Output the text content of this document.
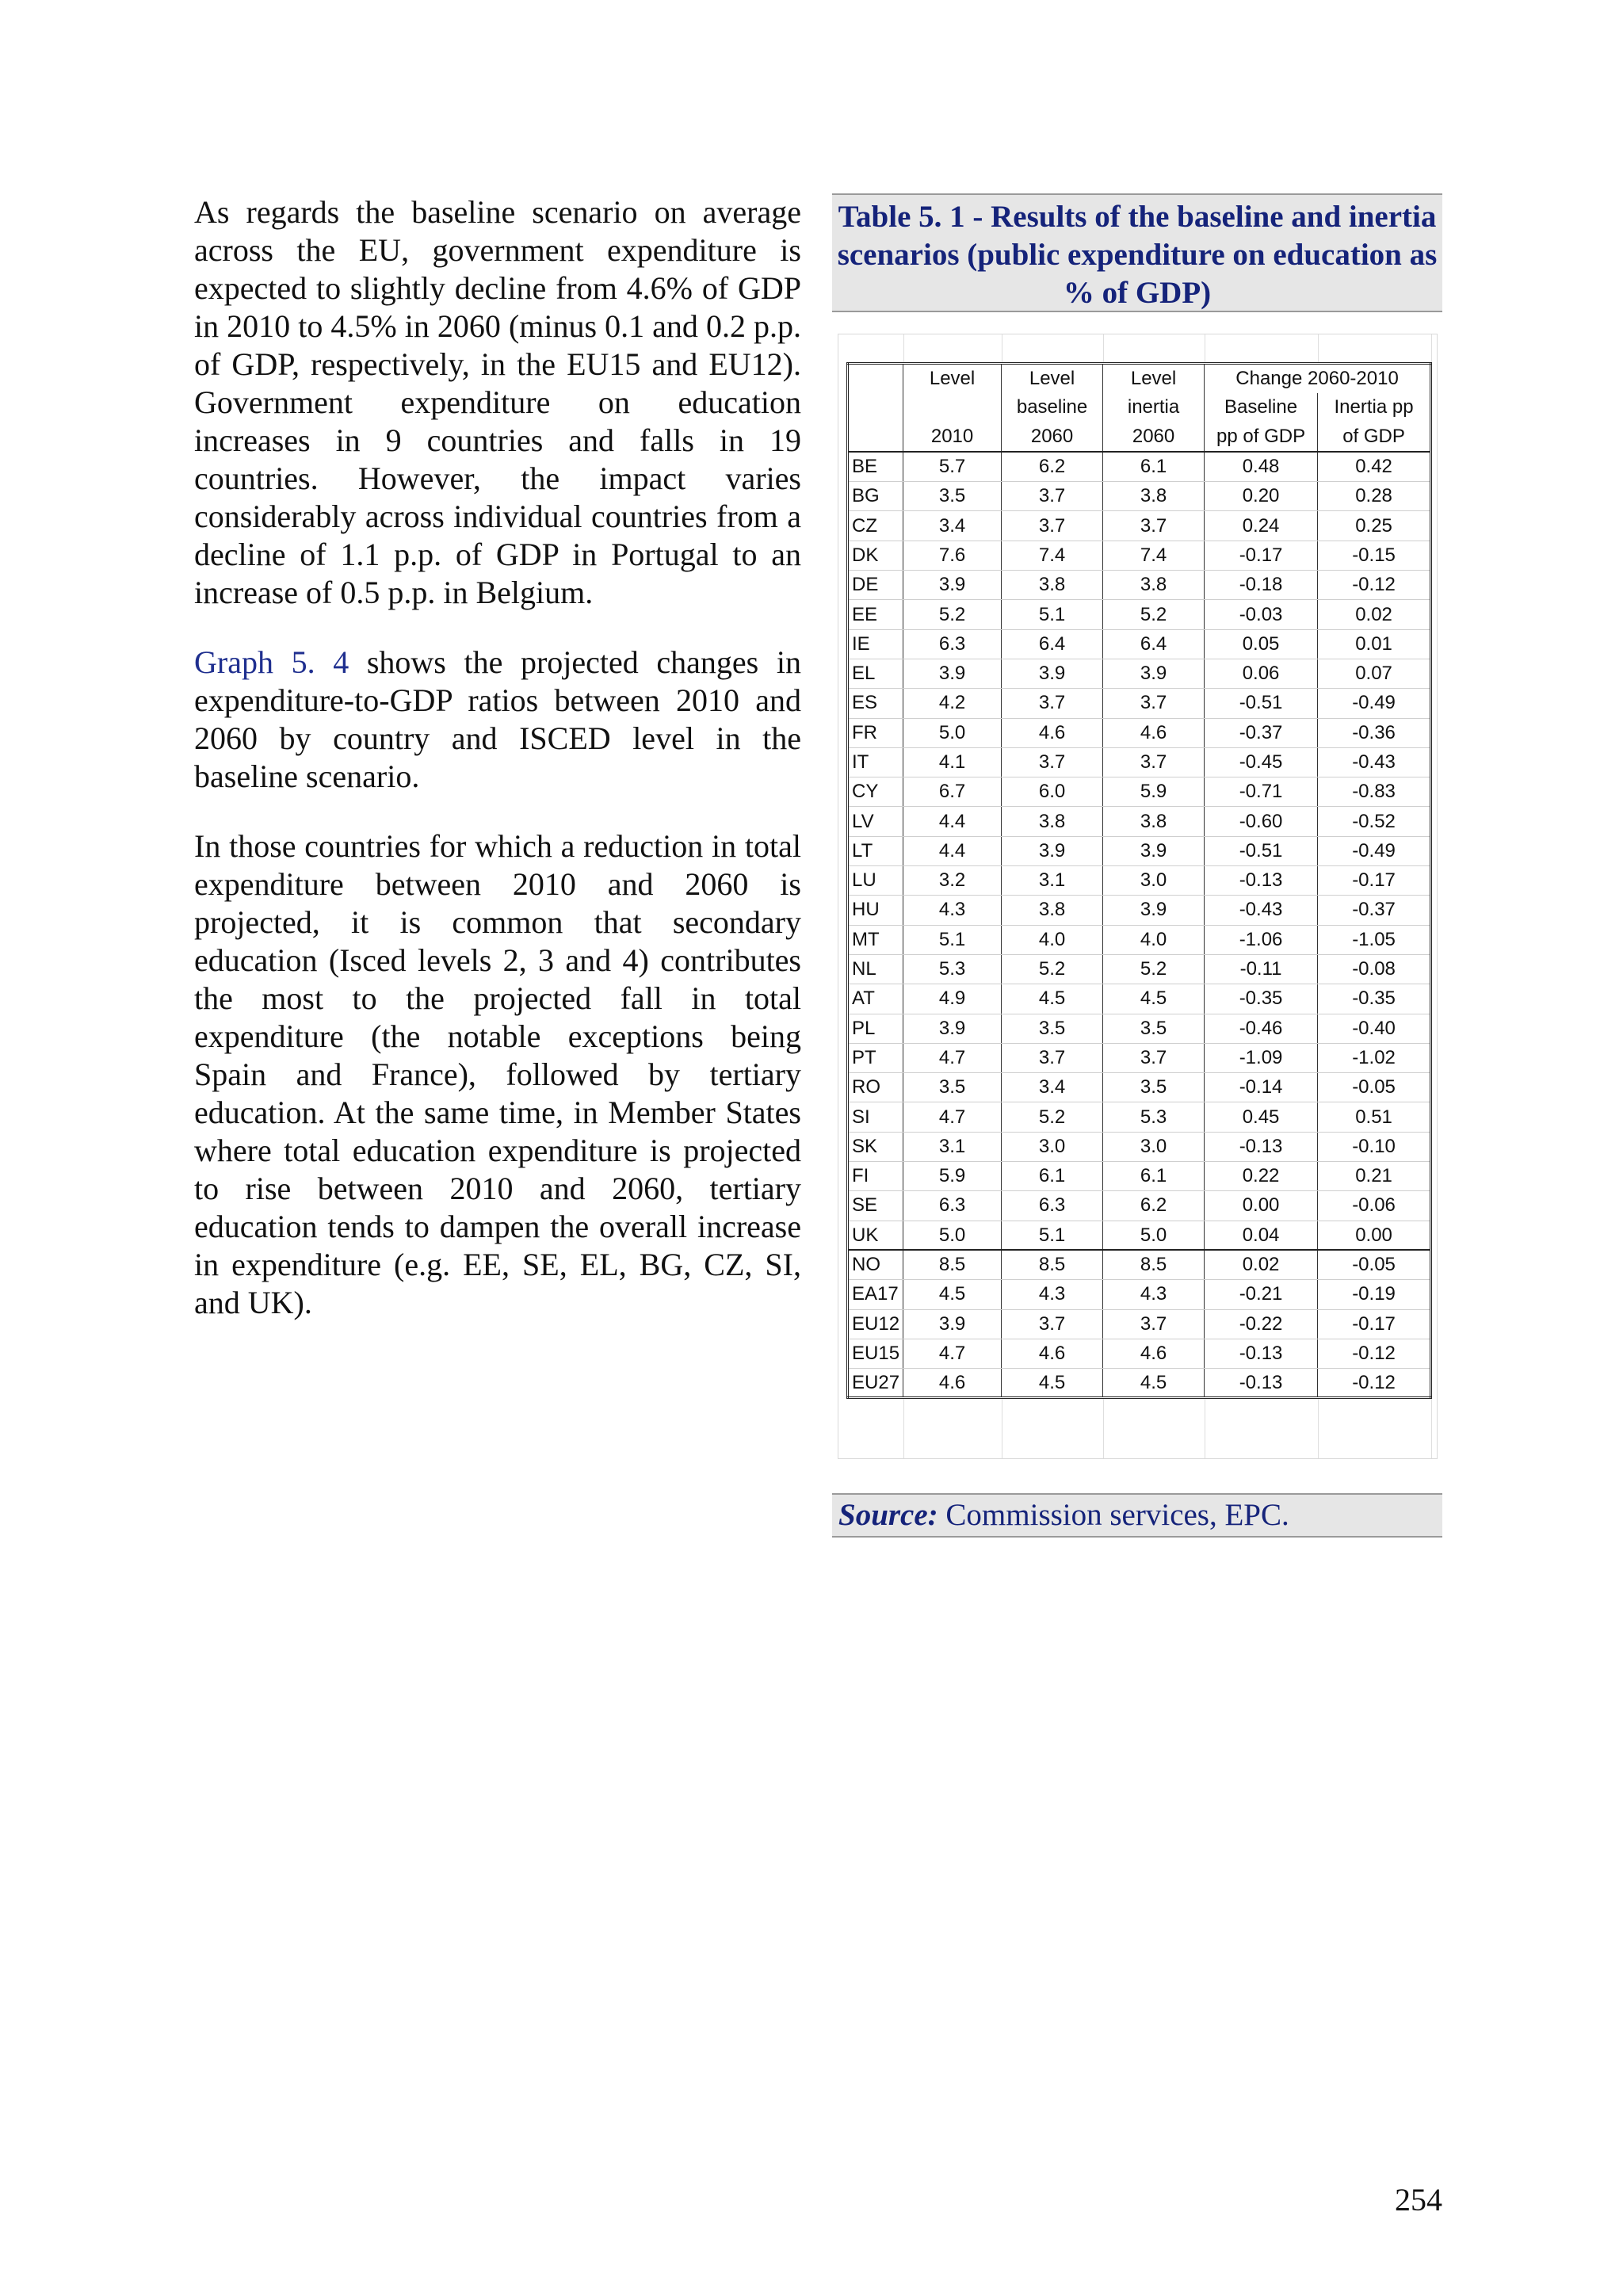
As regards the baseline scenario on average across the EU, government expenditure is expected to slightly decline from 4.6% of GDP in 2010 to 4.5% in 2060 (minus 0.1 and 0.2 p.p. of GDP, respectively, in the EU15 and EU12). Government expenditure on education increases in 9 countries and falls in 19 countries. However, the impact varies considerably across individual countries from a decline of 1.1 p.p. of GDP in Portugal to an increase of 0.5 p.p. in Belgium.

Graph 5. 4 shows the projected changes in expenditure-to-GDP ratios between 2010 and 2060 by country and ISCED level in the baseline scenario.

In those countries for which a reduction in total expenditure between 2010 and 2060 is projected, it is common that secondary education (Isced levels 2, 3 and 4) contributes the most to the projected fall in total expenditure (the notable exceptions being Spain and France), followed by tertiary education. At the same time, in Member States where total education expenditure is projected to rise between 2010 and 2060, tertiary education tends to dampen the overall increase in expenditure (e.g. EE, SE, EL, BG, CZ, SI, and UK).

Table 5. 1 - Results of the baseline and inertia scenarios (public expenditure on education as % of GDP)
	Level	Level	Level	Change 2060-2010	
		baseline	inertia	Baseline	Inertia pp
	2010	2060	2060	pp of GDP	of GDP
BE	5.7	6.2	6.1	0.48	0.42
BG	3.5	3.7	3.8	0.20	0.28
CZ	3.4	3.7	3.7	0.24	0.25
DK	7.6	7.4	7.4	-0.17	-0.15
DE	3.9	3.8	3.8	-0.18	-0.12
EE	5.2	5.1	5.2	-0.03	0.02
IE	6.3	6.4	6.4	0.05	0.01
EL	3.9	3.9	3.9	0.06	0.07
ES	4.2	3.7	3.7	-0.51	-0.49
FR	5.0	4.6	4.6	-0.37	-0.36
IT	4.1	3.7	3.7	-0.45	-0.43
CY	6.7	6.0	5.9	-0.71	-0.83
LV	4.4	3.8	3.8	-0.60	-0.52
LT	4.4	3.9	3.9	-0.51	-0.49
LU	3.2	3.1	3.0	-0.13	-0.17
HU	4.3	3.8	3.9	-0.43	-0.37
MT	5.1	4.0	4.0	-1.06	-1.05
NL	5.3	5.2	5.2	-0.11	-0.08
AT	4.9	4.5	4.5	-0.35	-0.35
PL	3.9	3.5	3.5	-0.46	-0.40
PT	4.7	3.7	3.7	-1.09	-1.02
RO	3.5	3.4	3.5	-0.14	-0.05
SI	4.7	5.2	5.3	0.45	0.51
SK	3.1	3.0	3.0	-0.13	-0.10
FI	5.9	6.1	6.1	0.22	0.21
SE	6.3	6.3	6.2	0.00	-0.06
UK	5.0	5.1	5.0	0.04	0.00
NO	8.5	8.5	8.5	0.02	-0.05
EA17	4.5	4.3	4.3	-0.21	-0.19
EU12	3.9	3.7	3.7	-0.22	-0.17
EU15	4.7	4.6	4.6	-0.13	-0.12
EU27	4.6	4.5	4.5	-0.13	-0.12
Source: Commission services, EPC.
254
